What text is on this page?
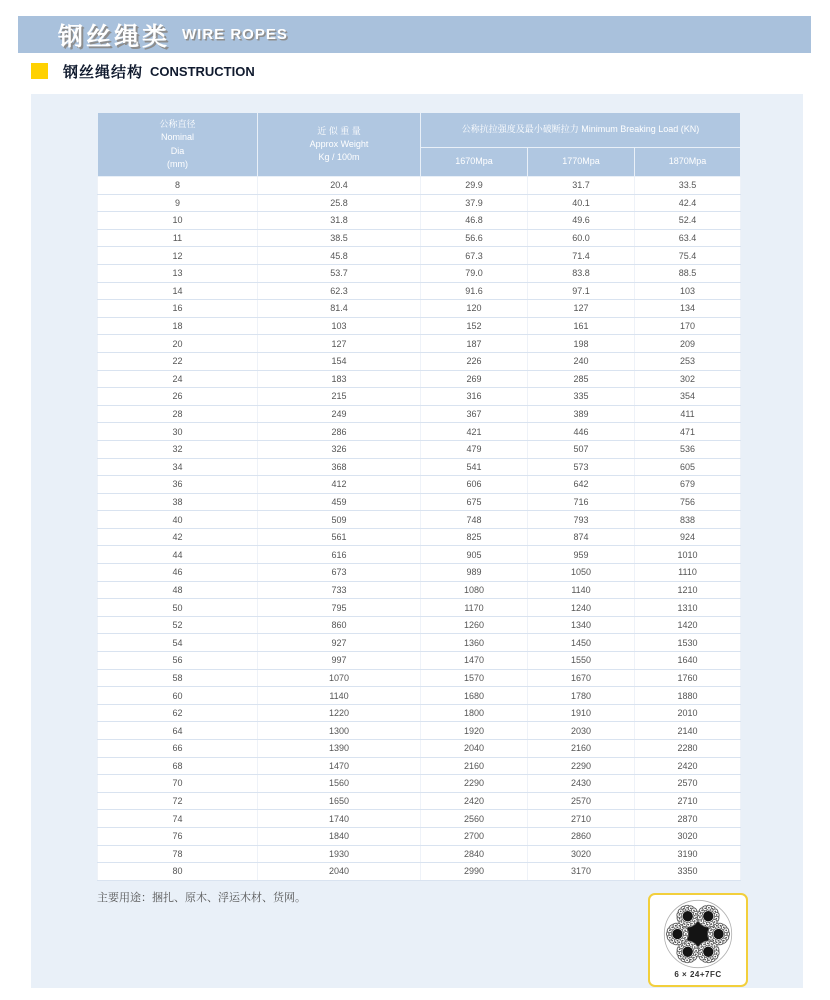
钢丝绳类 WIRE ROPES
钢丝绳结构 CONSTRUCTION
公称直径
Nominal
Dia
(mm)

近 似 重 量
Approx Weight
Kg / 100m
	公称抗拉强度及最小破断拉力 Minimum Breaking Load (KN)
		1670Mpa	1770Mpa	1870Mpa
8	20.4	29.9	31.7	33.5
9	25.8	37.9	40.1	42.4
10	31.8	46.8	49.6	52.4
11	38.5	56.6	60.0	63.4
12	45.8	67.3	71.4	75.4
13	53.7	79.0	83.8	88.5
14	62.3	91.6	97.1	103
16	81.4	120	127	134
18	103	152	161	170
20	127	187	198	209
22	154	226	240	253
24	183	269	285	302
26	215	316	335	354
28	249	367	389	411
30	286	421	446	471
32	326	479	507	536
34	368	541	573	605
36	412	606	642	679
38	459	675	716	756
40	509	748	793	838
42	561	825	874	924
44	616	905	959	1010
46	673	989	1050	1110
48	733	1080	1140	1210
50	795	1170	1240	1310
52	860	1260	1340	1420
54	927	1360	1450	1530
56	997	1470	1550	1640
58	1070	1570	1670	1760
60	1140	1680	1780	1880
62	1220	1800	1910	2010
64	1300	1920	2030	2140
66	1390	2040	2160	2280
68	1470	2160	2290	2420
70	1560	2290	2430	2570
72	1650	2420	2570	2710
74	1740	2560	2710	2870
76	1840	2700	2860	3020
78	1930	2840	3020	3190
80	2040	2990	3170	3350
主要用途：捆扎、原木、浮运木材、货网。
6 × 24+7FC
